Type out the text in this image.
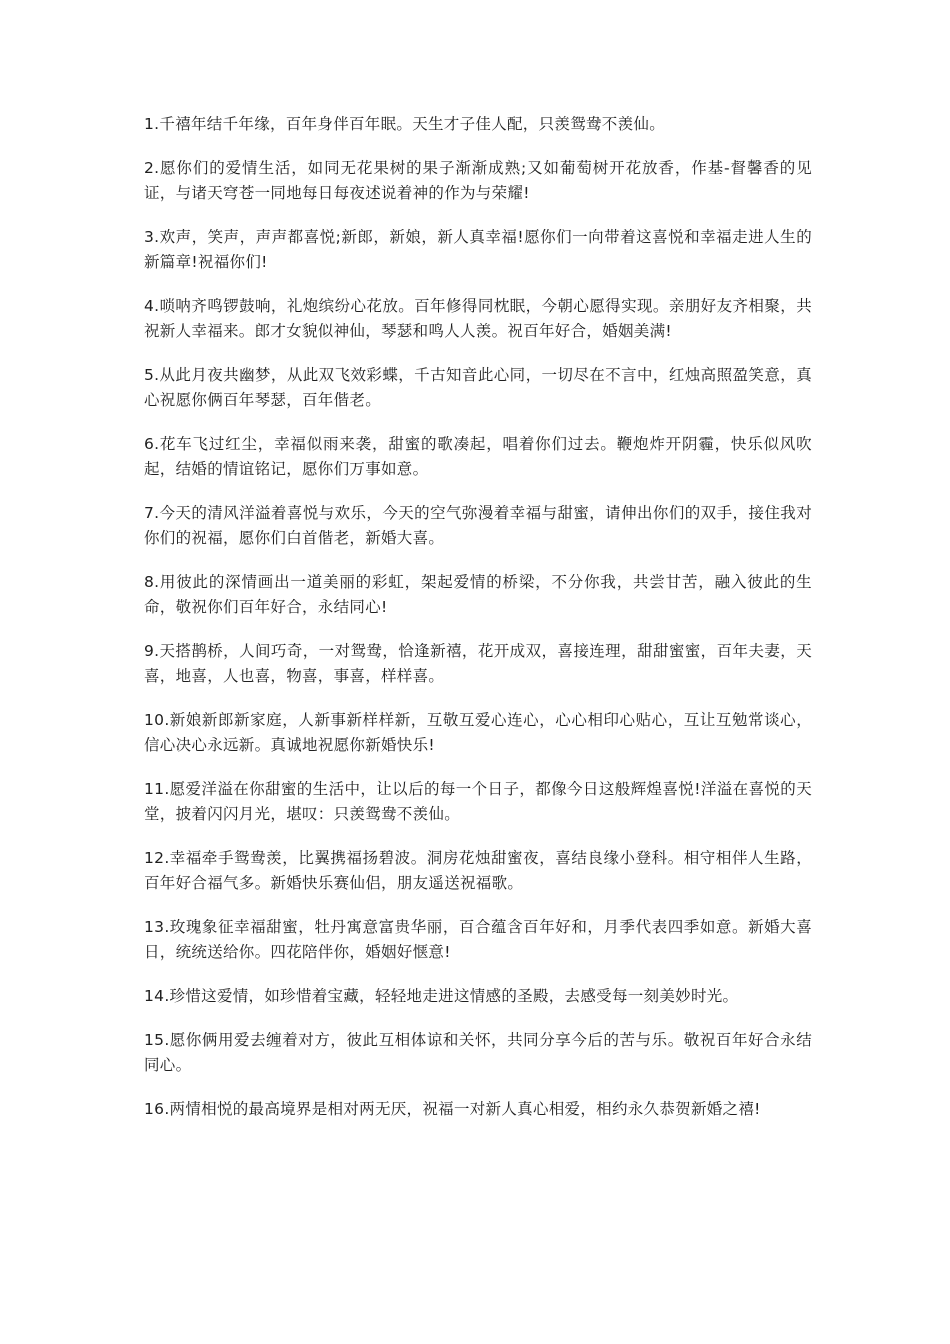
1.千禧年结千年缘，百年身伴百年眠。天生才子佳人配，只羡鸳鸯不羡仙。

2.愿你们的爱情生活，如同无花果树的果子渐渐成熟;又如葡萄树开花放香，作基-督馨香的见证，与诸天穹苍一同地每日每夜述说着神的作为与荣耀!

3.欢声，笑声，声声都喜悦;新郎，新娘，新人真幸福!愿你们一向带着这喜悦和幸福走进人生的新篇章!祝福你们!

4.唢呐齐鸣锣鼓响，礼炮缤纷心花放。百年修得同枕眠，今朝心愿得实现。亲朋好友齐相聚，共祝新人幸福来。郎才女貌似神仙，琴瑟和鸣人人羡。祝百年好合，婚姻美满!

5.从此月夜共幽梦，从此双飞效彩蝶，千古知音此心同，一切尽在不言中，红烛高照盈笑意，真心祝愿你俩百年琴瑟，百年偕老。

6.花车飞过红尘，幸福似雨来袭，甜蜜的歌凑起，唱着你们过去。鞭炮炸开阴霾，快乐似风吹起，结婚的情谊铭记，愿你们万事如意。

7.今天的清风洋溢着喜悦与欢乐，今天的空气弥漫着幸福与甜蜜，请伸出你们的双手，接住我对你们的祝福，愿你们白首偕老，新婚大喜。

8.用彼此的深情画出一道美丽的彩虹，架起爱情的桥梁，不分你我，共尝甘苦，融入彼此的生命，敬祝你们百年好合，永结同心!

9.天搭鹊桥，人间巧奇，一对鸳鸯，恰逢新禧，花开成双，喜接连理，甜甜蜜蜜，百年夫妻，天喜，地喜，人也喜，物喜，事喜，样样喜。

10.新娘新郎新家庭，人新事新样样新，互敬互爱心连心，心心相印心贴心，互让互勉常谈心，信心决心永远新。真诚地祝愿你新婚快乐!

11.愿爱洋溢在你甜蜜的生活中，让以后的每一个日子，都像今日这般辉煌喜悦!洋溢在喜悦的天堂，披着闪闪月光，堪叹：只羡鸳鸯不羡仙。

12.幸福牵手鸳鸯羡，比翼携福扬碧波。洞房花烛甜蜜夜，喜结良缘小登科。相守相伴人生路，百年好合福气多。新婚快乐赛仙侣，朋友遥送祝福歌。

13.玫瑰象征幸福甜蜜，牡丹寓意富贵华丽，百合蕴含百年好和，月季代表四季如意。新婚大喜日，统统送给你。四花陪伴你，婚姻好惬意!

14.珍惜这爱情，如珍惜着宝藏，轻轻地走进这情感的圣殿，去感受每一刻美妙时光。

15.愿你俩用爱去缠着对方，彼此互相体谅和关怀，共同分享今后的苦与乐。敬祝百年好合永结同心。

16.两情相悦的最高境界是相对两无厌，祝福一对新人真心相爱，相约永久恭贺新婚之禧!
